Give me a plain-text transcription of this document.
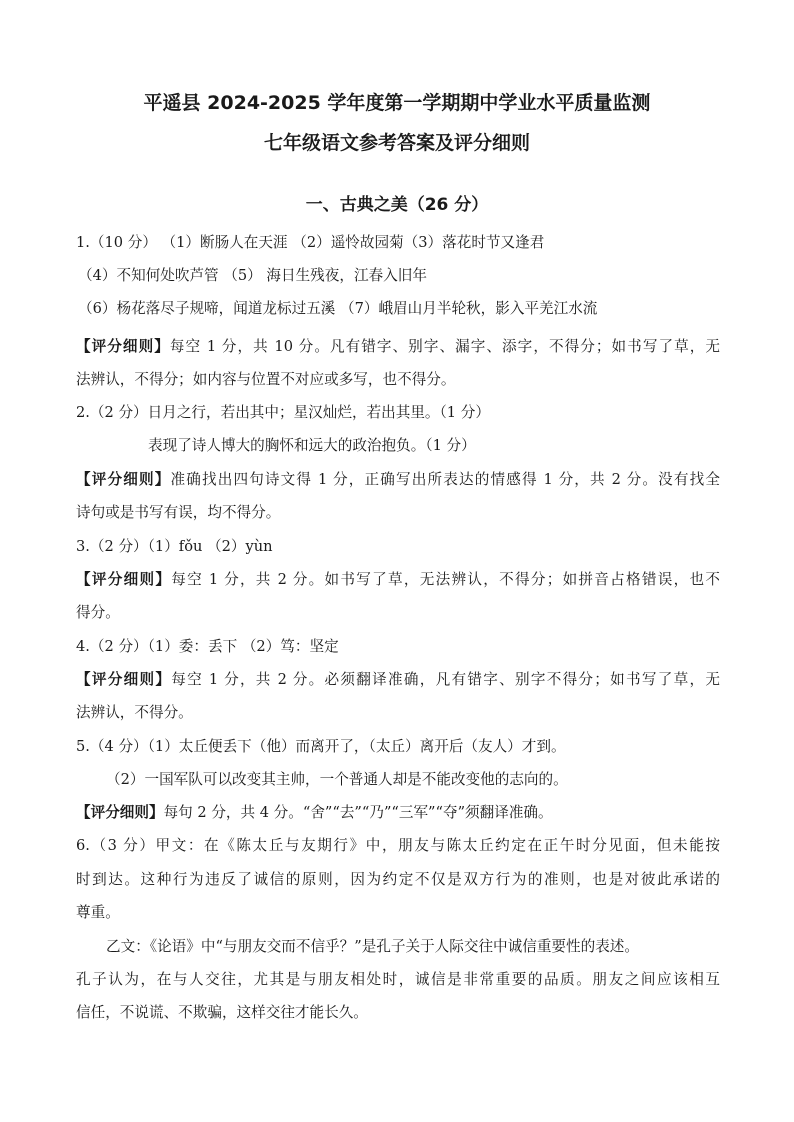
平遥县 2024-2025 学年度第一学期期中学业水平质量监测
七年级语文参考答案及评分细则
一、古典之美（26 分）
1.（10 分） （1）断肠人在天涯 （2）遥怜故园菊（3）落花时节又逢君
（4）不知何处吹芦管 （5） 海日生残夜，江春入旧年
（6）杨花落尽子规啼，闻道龙标过五溪 （7）峨眉山月半轮秋，影入平羌江水流
【评分细则】每空 1 分，共 10 分。凡有错字、别字、漏字、添字，不得分；如书写了草，无
法辨认，不得分；如内容与位置不对应或多写，也不得分。
2.（2 分）日月之行，若出其中；星汉灿烂，若出其里。（1 分）
表现了诗人博大的胸怀和远大的政治抱负。（1 分）
【评分细则】准确找出四句诗文得 1 分，正确写出所表达的情感得 1 分，共 2 分。没有找全
诗句或是书写有误，均不得分。
3.（2 分）（1）fǒu （2）yùn
【评分细则】每空 1 分，共 2 分。如书写了草，无法辨认，不得分；如拼音占格错误，也不
得分。
4.（2 分）（1）委：丢下 （2）笃：坚定
【评分细则】每空 1 分，共 2 分。必须翻译准确，凡有错字、别字不得分；如书写了草，无
法辨认，不得分。
5.（4 分）（1）太丘便丢下（他）而离开了，（太丘）离开后（友人）才到。
（2）一国军队可以改变其主帅，一个普通人却是不能改变他的志向的。
【评分细则】每句 2 分，共 4 分。“舍”“去”“乃”“三军”“夺”须翻译准确。
6.（3 分）甲文：在《陈太丘与友期行》中，朋友与陈太丘约定在正午时分见面，但未能按
时到达。这种行为违反了诚信的原则，因为约定不仅是双方行为的准则，也是对彼此承诺的
尊重。
乙文：《论语》中“与朋友交而不信乎？”是孔子关于人际交往中诚信重要性的表述。
孔子认为，在与人交往，尤其是与朋友相处时，诚信是非常重要的品质。朋友之间应该相互
信任，不说谎、不欺骗，这样交往才能长久。
